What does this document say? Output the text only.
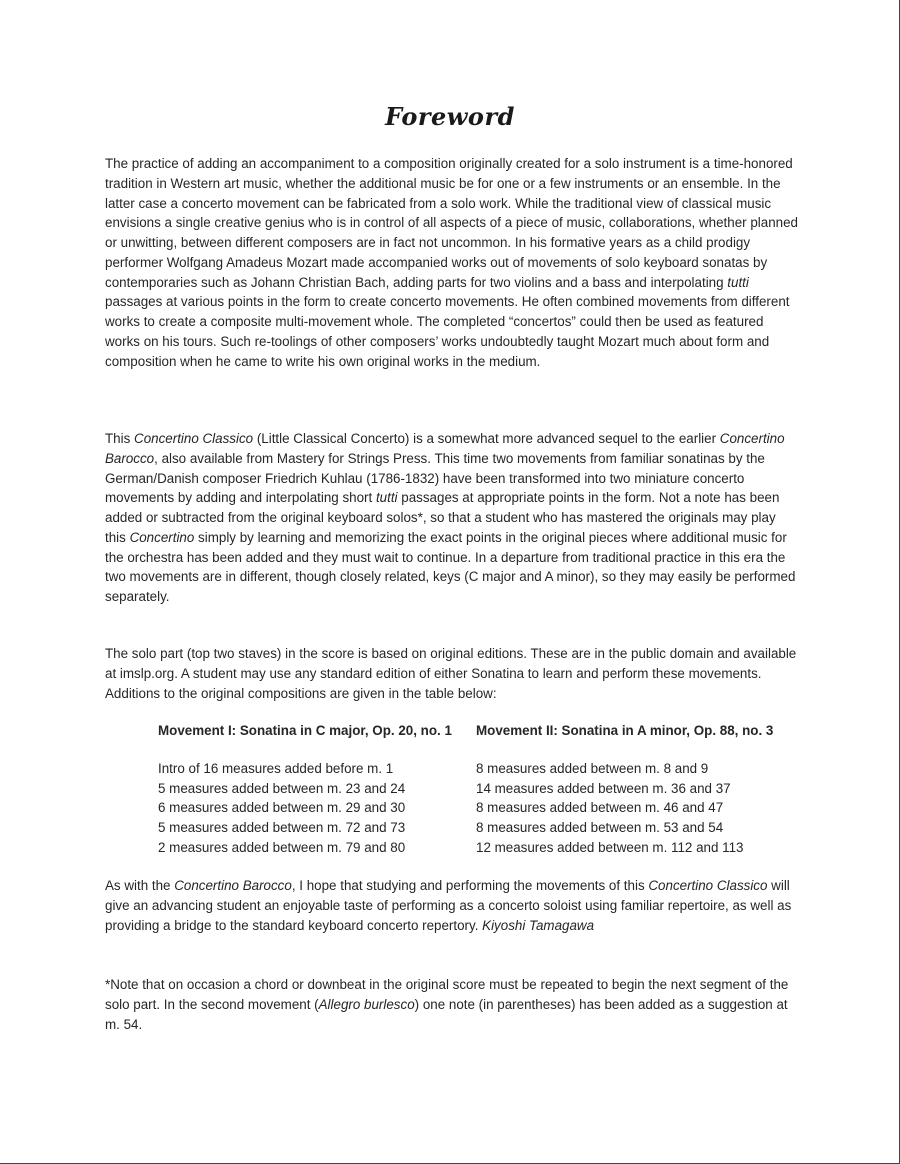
Foreword

The practice of adding an accompaniment to a composition originally created for a solo instrument is a time-honored tradition in Western art music, whether the additional music be for one or a few instruments or an ensemble. In the latter case a concerto movement can be fabricated from a solo work. While the traditional view of classical music envisions a single creative genius who is in control of all aspects of a piece of music, collaborations, whether planned or unwitting, between different composers are in fact not uncommon. In his formative years as a child prodigy performer Wolfgang Amadeus Mozart made accompanied works out of movements of solo keyboard sonatas by contemporaries such as Johann Christian Bach, adding parts for two violins and a bass and interpolating tutti passages at various points in the form to create concerto movements. He often combined movements from different works to create a composite multi-movement whole. The completed “concertos” could then be used as featured works on his tours. Such re-toolings of other composers’ works undoubtedly taught Mozart much about form and composition when he came to write his own original works in the medium.

This Concertino Classico (Little Classical Concerto) is a somewhat more advanced sequel to the earlier Concertino Barocco, also available from Mastery for Strings Press. This time two movements from familiar sonatinas by the German/Danish composer Friedrich Kuhlau (1786-1832) have been transformed into two miniature concerto movements by adding and interpolating short tutti passages at appropriate points in the form. Not a note has been added or subtracted from the original keyboard solos*, so that a student who has mastered the originals may play this Concertino simply by learning and memorizing the exact points in the original pieces where additional music for the orchestra has been added and they must wait to continue. In a departure from traditional practice in this era the two movements are in different, though closely related, keys (C major and A minor), so they may easily be performed separately.

The solo part (top two staves) in the score is based on original editions. These are in the public domain and available at imslp.org. A student may use any standard edition of either Sonatina to learn and perform these movements. Additions to the original compositions are given in the table below:

Movement I: Sonatina in C major, Op. 20, no. 1
Intro of 16 measures added before m. 1
5 measures added between m. 23 and 24
6 measures added between m. 29 and 30
5 measures added between m. 72 and 73
2 measures added between m. 79 and 80
Movement II: Sonatina in A minor, Op. 88, no. 3
8 measures added between m. 8 and 9
14 measures added between m. 36 and 37
8 measures added between m. 46 and 47
8 measures added between m. 53 and 54
12 measures added between m. 112 and 113

As with the Concertino Barocco, I hope that studying and performing the movements of this Concertino Classico will give an advancing student an enjoyable taste of performing as a concerto soloist using familiar repertoire, as well as providing a bridge to the standard keyboard concerto repertory. Kiyoshi Tamagawa

*Note that on occasion a chord or downbeat in the original score must be repeated to begin the next segment of the solo part. In the second movement (Allegro burlesco) one note (in parentheses) has been added as a suggestion at m. 54.
